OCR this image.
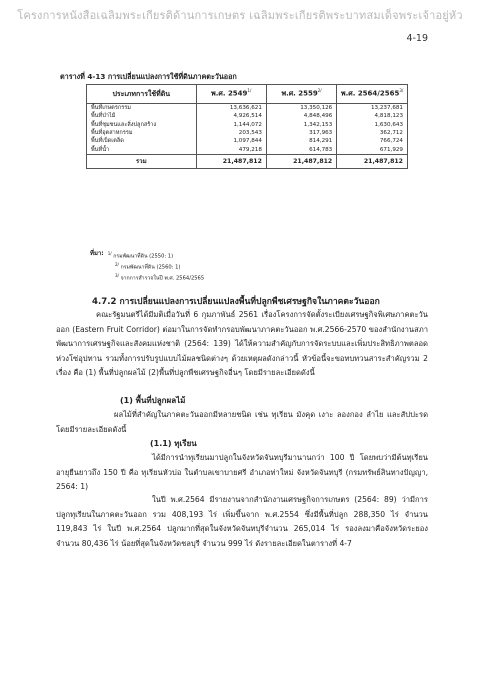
โครงการหนังสือเฉลิมพระเกียรติด้านการเกษตร เฉลิมพระเกียรติพระบาทสมเด็จพระเจ้าอยู่หัว
4-19
ตารางที่ 4-13 การเปลี่ยนแปลงการใช้ที่ดินภาคตะวันออก
ประเภทการใช้ที่ดิน	พ.ศ. $2549^{1/}$	พ.ศ. $2559^{2/}$	พ.ศ. $2564/2565^{3/}$
พื้นที่เกษตรกรรม	13,636,621	13,350,126	13,237,681
พื้นที่ป่าไม้	4,926,514	4,848,496	4,818,123
พื้นที่ชุมชนและสิ่งปลูกสร้าง	1,144,072	1,342,153	1,630,643
พื้นที่อุตสาหกรรม	203,543	317,963	362,712
พื้นที่เบ็ดเตล็ด	1,097,844	814,291	766,724
พื้นที่น้ำ	479,218	614,783	671,929
รวม	21,487,812	21,487,812	21,487,812
ที่มา: $^{1/}$ กรมพัฒนาที่ดิน (2550: 1)
$^{2/}$ กรมพัฒนาที่ดิน (2560: 1)
$^{3/}$ จากการสำรวจในปี พ.ศ. 2564/2565
4.7.2 การเปลี่ยนแปลงการเปลี่ยนแปลงพื้นที่ปลูกพืชเศรษฐกิจในภาคตะวันออก
คณะรัฐมนตรีได้มีมติเมื่อวันที่ 6 กุมภาพันธ์ 2561 เรื่องโครงการจัดตั้งระเบียงเศรษฐกิจพิเศษภาคตะวันออก (Eastern Fruit Corridor) ต่อมาในการจัดทำกรอบพัฒนาภาคตะวันออก พ.ศ.2566-2570 ของสำนักงานสภาพัฒนาการเศรษฐกิจและสังคมแห่งชาติ (2564: 139) ได้ให้ความสำคัญกับการจัดระบบและเพิ่มประสิทธิภาพตลอดห่วงโซ่อุปทาน รวมทั้งการปรับรูปแบบไม้ผลชนิดต่างๆ ด้วยเหตุผลดังกล่าวนี้ หัวข้อนี้จะขอทบทวนสาระสำคัญรวม 2 เรื่อง คือ (1) พื้นที่ปลูกผลไม้ (2)พื้นที่ปลูกพืชเศรษฐกิจอื่นๆ โดยมีรายละเอียดดังนี้
(1) พื้นที่ปลูกผลไม้
ผลไม้ที่สำคัญในภาคตะวันออกมีหลายชนิด เช่น ทุเรียน มังคุด เงาะ ลองกอง ลำไย และสัปปะรด โดยมีรายละเอียดดังนี้
(1.1) ทุเรียน
ได้มีการนำทุเรียนมาปลูกในจังหวัดจันทบุรีมานานกว่า 100 ปี โดยพบว่ามีต้นทุเรียนอายุยืนยาวถึง 150 ปี คือ ทุเรียนหัวบ่อ ในตำบลเขาบายศรี อำเภอท่าใหม่ จังหวัดจันทบุรี (กรมทรัพย์สินทางปัญญา, 2564: 1)
ในปี พ.ศ.2564 มีรายงานจากสำนักงานเศรษฐกิจการเกษตร (2564: 89) ว่ามีการปลูกทุเรียนในภาคตะวันออก รวม 408,193 ไร่ เพิ่มขึ้นจาก พ.ศ.2554 ซึ่งมีพื้นที่ปลูก 288,350 ไร่ จำนวน 119,843 ไร่ ในปี พ.ศ.2564 ปลูกมากที่สุดในจังหวัดจันทบุรีจำนวน 265,014 ไร่ รองลงมาคือจังหวัดระยอง จำนวน 80,436 ไร่ น้อยที่สุดในจังหวัดชลบุรี จำนวน 999 ไร่ ดังรายละเอียดในตารางที่ 4-7
